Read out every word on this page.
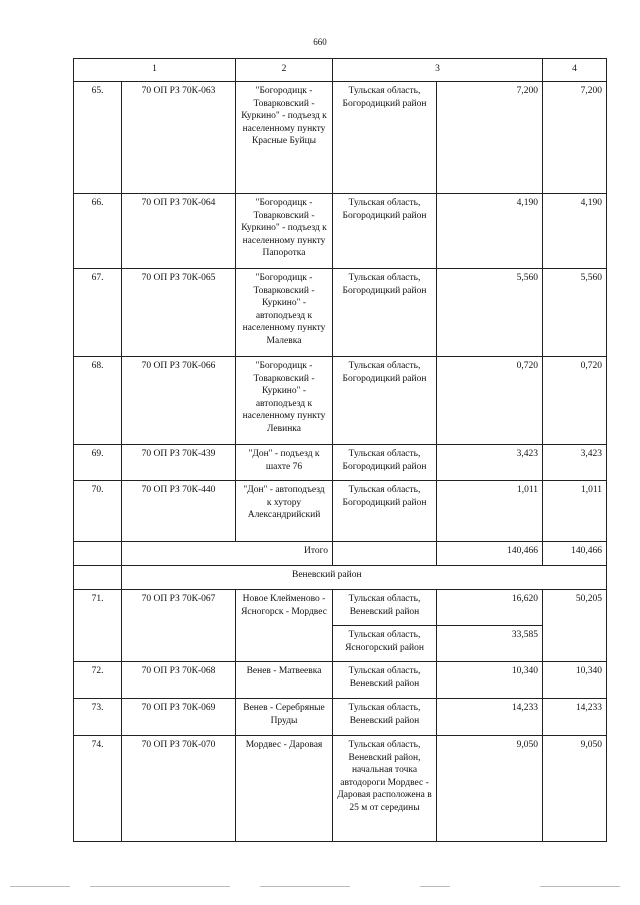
660
1		2	3		4
65.	70 ОП РЗ 70К-063	"Богородицк - Товарковский - Куркино" - подъезд к населенному пункту Красные Буйцы	Тульская область, Богородицкий район	7,200	7,200
66.	70 ОП РЗ 70К-064	"Богородицк - Товарковский - Куркино" - подъезд к населенному пункту Папоротка	Тульская область, Богородицкий район	4,190	4,190
67.	70 ОП РЗ 70К-065	"Богородицк - Товарковский - Куркино" - автоподъезд к населенному пункту Малевка	Тульская область, Богородицкий район	5,560	5,560
68.	70 ОП РЗ 70К-066	"Богородицк - Товарковский - Куркино" - автоподъезд к населенному пункту Левинка	Тульская область, Богородицкий район	0,720	0,720
69.	70 ОП РЗ 70К-439	"Дон" - подъезд к шахте 76	Тульская область, Богородицкий район	3,423	3,423
70.	70 ОП РЗ 70К-440	"Дон" - автоподъезд к хутору Александрийский	Тульская область, Богородицкий район	1,011	1,011
	Итого			140,466	140,466
	Веневский район				
71.	70 ОП РЗ 70К-067	Новое Клейменово - Ясногорск - Мордвес	Тульская область, Веневский район	16,620	50,205
			Тульская область, Ясногорский район	33,585	
72.	70 ОП РЗ 70К-068	Венев - Матвеевка	Тульская область, Веневский район	10,340	10,340
73.	70 ОП РЗ 70К-069	Венев - Серебряные Пруды	Тульская область, Веневский район	14,233	14,233
74.	70 ОП РЗ 70К-070	Мордвес - Даровая	Тульская область, Веневский район, начальная точка автодороги Мордвес - Даровая расположена в 25 м от середины	9,050	9,050
